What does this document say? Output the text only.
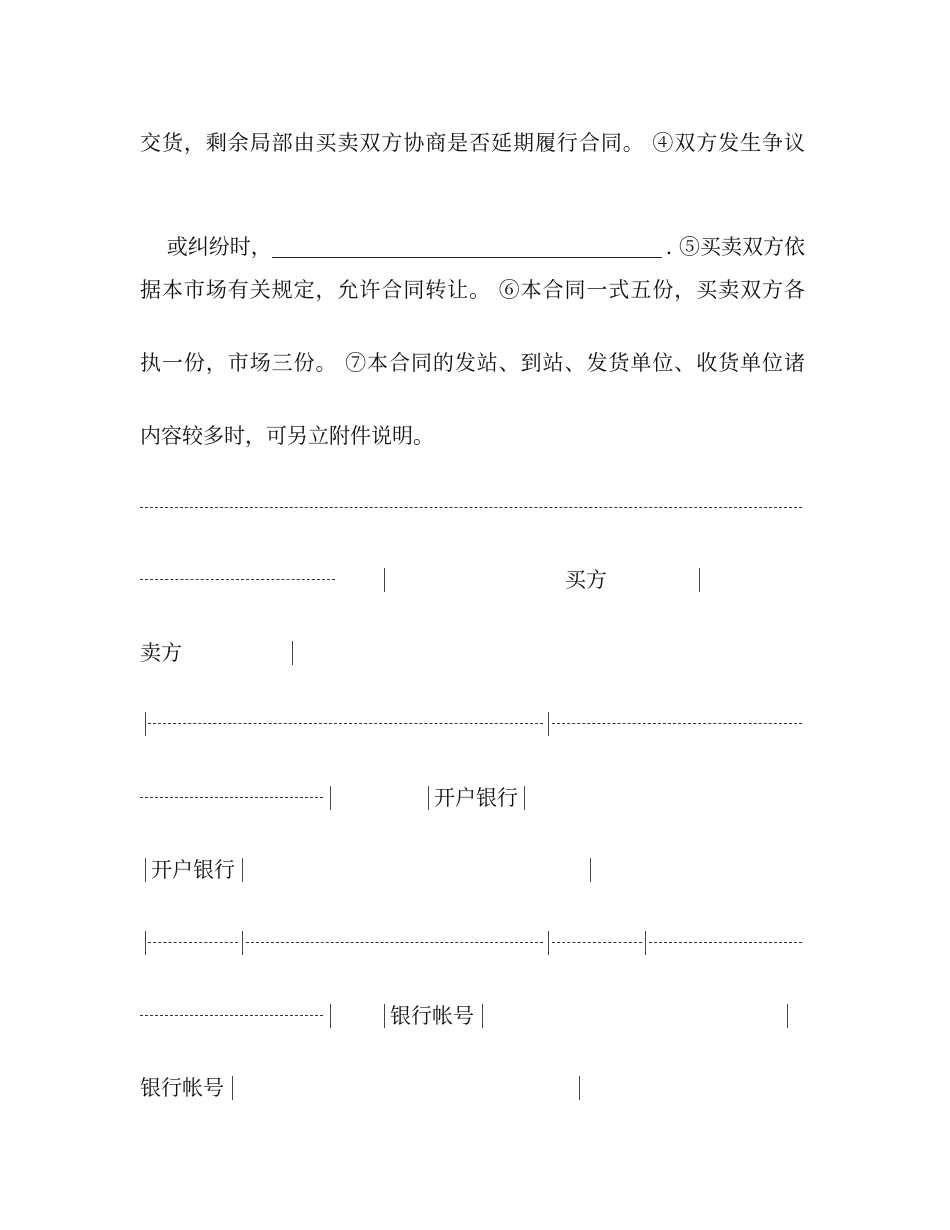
交货，剩余局部由买卖双方协商是否延期履行合同。 ④双方发生争议

或纠纷时，	. ⑤买卖双方依

据本市场有关规定，允许合同转让。 ⑥本合同一式五份，买卖双方各
执一份，市场三份。 ⑦本合同的发站、到站、发货单位、收货单位诸
内容较多时，可另立附件说明。
买方
卖方
开户银行
开户银行
银行帐号
银行帐号
